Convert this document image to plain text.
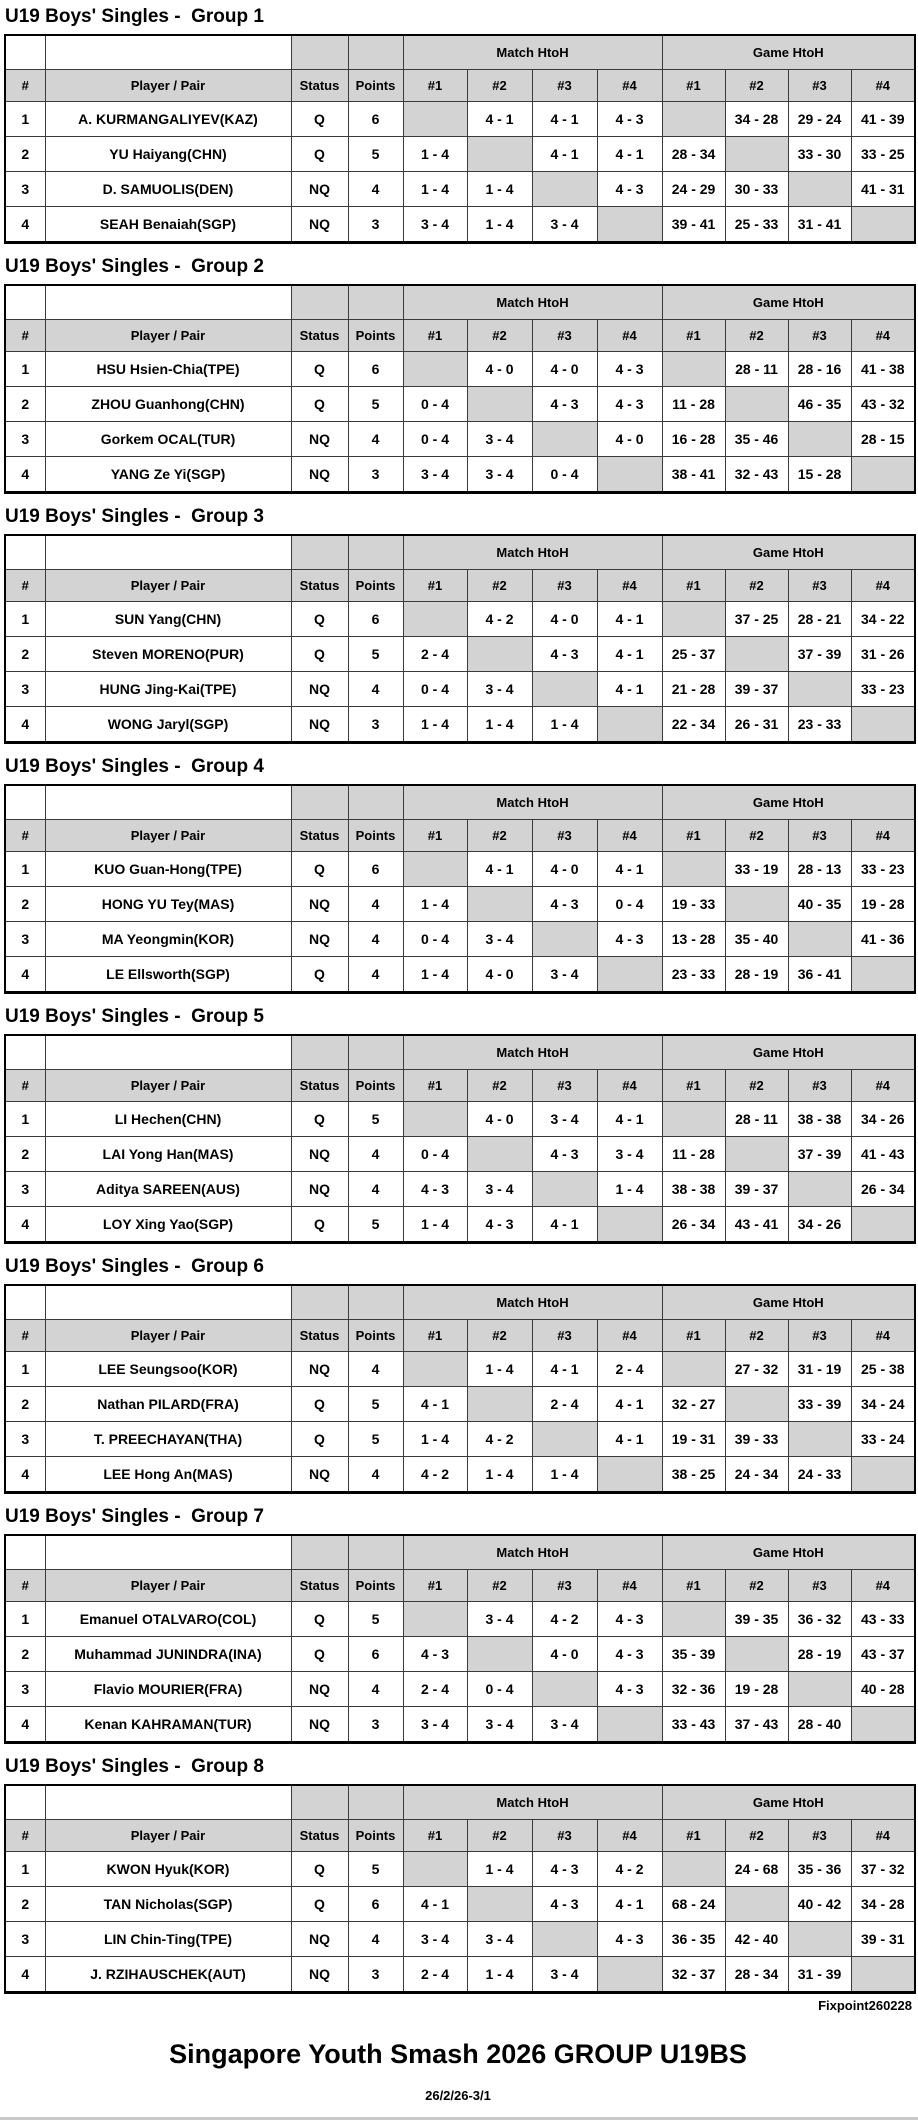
U19 Boys' Singles -  Group 1
				Match HtoH				Game HtoH			
#	Player / Pair	Status	Points	#1	#2	#3	#4	#1	#2	#3	#4
1	A. KURMANGALIYEV(KAZ)	Q	6		4 - 1	4 - 1	4 - 3		34 - 28	29 - 24	41 - 39
2	YU Haiyang(CHN)	Q	5	1 - 4		4 - 1	4 - 1	28 - 34		33 - 30	33 - 25
3	D. SAMUOLIS(DEN)	NQ	4	1 - 4	1 - 4		4 - 3	24 - 29	30 - 33		41 - 31
4	SEAH Benaiah(SGP)	NQ	3	3 - 4	1 - 4	3 - 4		39 - 41	25 - 33	31 - 41	
U19 Boys' Singles -  Group 2
				Match HtoH				Game HtoH			
#	Player / Pair	Status	Points	#1	#2	#3	#4	#1	#2	#3	#4
1	HSU Hsien-Chia(TPE)	Q	6		4 - 0	4 - 0	4 - 3		28 - 11	28 - 16	41 - 38
2	ZHOU Guanhong(CHN)	Q	5	0 - 4		4 - 3	4 - 3	11 - 28		46 - 35	43 - 32
3	Gorkem OCAL(TUR)	NQ	4	0 - 4	3 - 4		4 - 0	16 - 28	35 - 46		28 - 15
4	YANG Ze Yi(SGP)	NQ	3	3 - 4	3 - 4	0 - 4		38 - 41	32 - 43	15 - 28	
U19 Boys' Singles -  Group 3
				Match HtoH				Game HtoH			
#	Player / Pair	Status	Points	#1	#2	#3	#4	#1	#2	#3	#4
1	SUN Yang(CHN)	Q	6		4 - 2	4 - 0	4 - 1		37 - 25	28 - 21	34 - 22
2	Steven MORENO(PUR)	Q	5	2 - 4		4 - 3	4 - 1	25 - 37		37 - 39	31 - 26
3	HUNG Jing-Kai(TPE)	NQ	4	0 - 4	3 - 4		4 - 1	21 - 28	39 - 37		33 - 23
4	WONG Jaryl(SGP)	NQ	3	1 - 4	1 - 4	1 - 4		22 - 34	26 - 31	23 - 33	
U19 Boys' Singles -  Group 4
				Match HtoH				Game HtoH			
#	Player / Pair	Status	Points	#1	#2	#3	#4	#1	#2	#3	#4
1	KUO Guan-Hong(TPE)	Q	6		4 - 1	4 - 0	4 - 1		33 - 19	28 - 13	33 - 23
2	HONG YU Tey(MAS)	NQ	4	1 - 4		4 - 3	0 - 4	19 - 33		40 - 35	19 - 28
3	MA Yeongmin(KOR)	NQ	4	0 - 4	3 - 4		4 - 3	13 - 28	35 - 40		41 - 36
4	LE Ellsworth(SGP)	Q	4	1 - 4	4 - 0	3 - 4		23 - 33	28 - 19	36 - 41	
U19 Boys' Singles -  Group 5
				Match HtoH				Game HtoH			
#	Player / Pair	Status	Points	#1	#2	#3	#4	#1	#2	#3	#4
1	LI Hechen(CHN)	Q	5		4 - 0	3 - 4	4 - 1		28 - 11	38 - 38	34 - 26
2	LAI Yong Han(MAS)	NQ	4	0 - 4		4 - 3	3 - 4	11 - 28		37 - 39	41 - 43
3	Aditya SAREEN(AUS)	NQ	4	4 - 3	3 - 4		1 - 4	38 - 38	39 - 37		26 - 34
4	LOY Xing Yao(SGP)	Q	5	1 - 4	4 - 3	4 - 1		26 - 34	43 - 41	34 - 26	
U19 Boys' Singles -  Group 6
				Match HtoH				Game HtoH			
#	Player / Pair	Status	Points	#1	#2	#3	#4	#1	#2	#3	#4
1	LEE Seungsoo(KOR)	NQ	4		1 - 4	4 - 1	2 - 4		27 - 32	31 - 19	25 - 38
2	Nathan PILARD(FRA)	Q	5	4 - 1		2 - 4	4 - 1	32 - 27		33 - 39	34 - 24
3	T. PREECHAYAN(THA)	Q	5	1 - 4	4 - 2		4 - 1	19 - 31	39 - 33		33 - 24
4	LEE Hong An(MAS)	NQ	4	4 - 2	1 - 4	1 - 4		38 - 25	24 - 34	24 - 33	
U19 Boys' Singles -  Group 7
				Match HtoH				Game HtoH			
#	Player / Pair	Status	Points	#1	#2	#3	#4	#1	#2	#3	#4
1	Emanuel OTALVARO(COL)	Q	5		3 - 4	4 - 2	4 - 3		39 - 35	36 - 32	43 - 33
2	Muhammad JUNINDRA(INA)	Q	6	4 - 3		4 - 0	4 - 3	35 - 39		28 - 19	43 - 37
3	Flavio MOURIER(FRA)	NQ	4	2 - 4	0 - 4		4 - 3	32 - 36	19 - 28		40 - 28
4	Kenan KAHRAMAN(TUR)	NQ	3	3 - 4	3 - 4	3 - 4		33 - 43	37 - 43	28 - 40	
U19 Boys' Singles -  Group 8
				Match HtoH				Game HtoH			
#	Player / Pair	Status	Points	#1	#2	#3	#4	#1	#2	#3	#4
1	KWON Hyuk(KOR)	Q	5		1 - 4	4 - 3	4 - 2		24 - 68	35 - 36	37 - 32
2	TAN Nicholas(SGP)	Q	6	4 - 1		4 - 3	4 - 1	68 - 24		40 - 42	34 - 28
3	LIN Chin-Ting(TPE)	NQ	4	3 - 4	3 - 4		4 - 3	36 - 35	42 - 40		39 - 31
4	J. RZIHAUSCHEK(AUT)	NQ	3	2 - 4	1 - 4	3 - 4		32 - 37	28 - 34	31 - 39	
Fixpoint260228
Singapore Youth Smash 2026 GROUP U19BS
26/2/26-3/1
